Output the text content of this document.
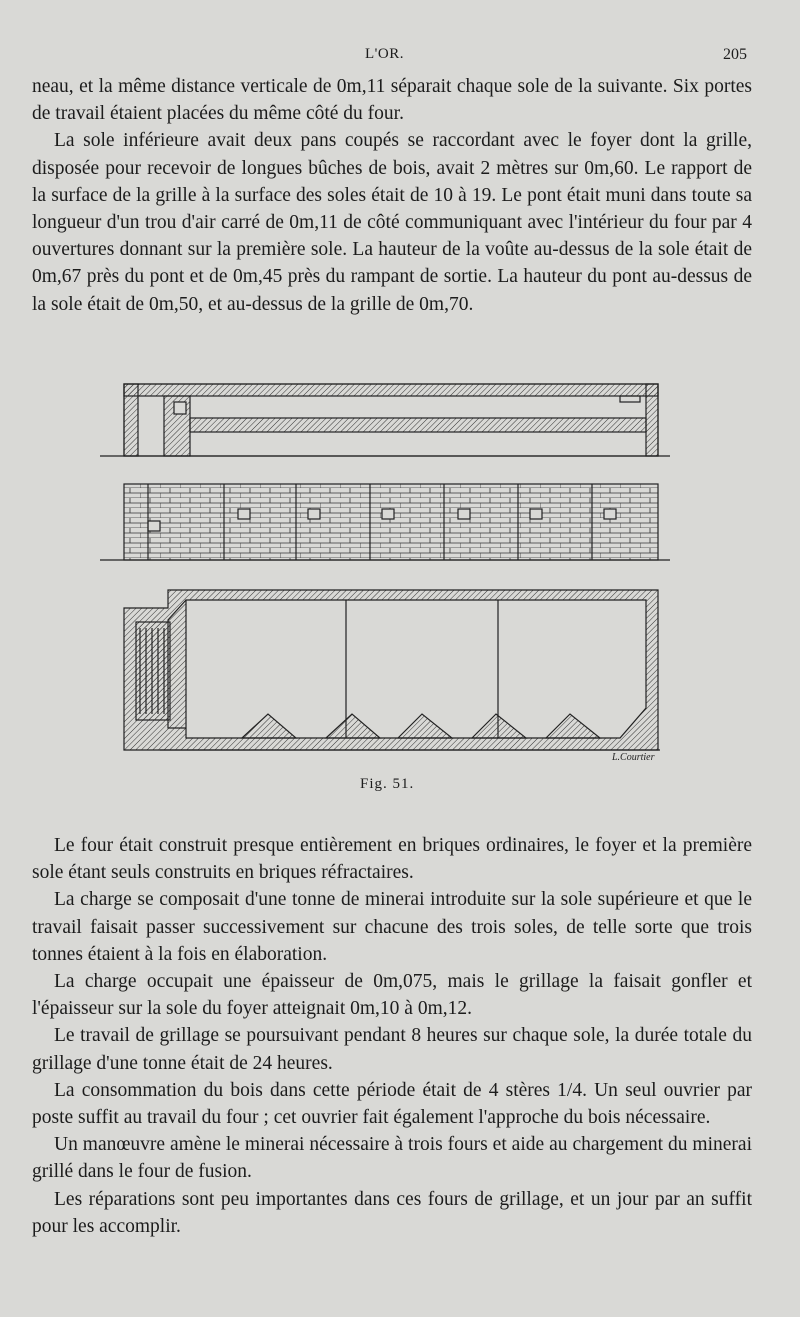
L'OR.	205

neau, et la même distance verticale de 0m,11 séparait chaque sole de la suivante. Six portes de travail étaient placées du même côté du four.

La sole inférieure avait deux pans coupés se raccordant avec le foyer dont la grille, disposée pour recevoir de longues bûches de bois, avait 2 mètres sur 0m,60. Le rapport de la surface de la grille à la surface des soles était de 10 à 19. Le pont était muni dans toute sa longueur d'un trou d'air carré de 0m,11 de côté communiquant avec l'intérieur du four par 4 ouvertures donnant sur la première sole. La hauteur de la voûte au-dessus de la sole était de 0m,67 près du pont et de 0m,45 près du rampant de sortie. La hauteur du pont au-dessus de la sole était de 0m,50, et au-dessus de la grille de 0m,70.

L.Courtier
Fig. 51.

Le four était construit presque entièrement en briques ordinaires, le foyer et la première sole étant seuls construits en briques réfractaires.

La charge se composait d'une tonne de minerai introduite sur la sole supérieure et que le travail faisait passer successivement sur chacune des trois soles, de telle sorte que trois tonnes étaient à la fois en élaboration.

La charge occupait une épaisseur de 0m,075, mais le grillage la faisait gonfler et l'épaisseur sur la sole du foyer atteignait 0m,10 à 0m,12.

Le travail de grillage se poursuivant pendant 8 heures sur chaque sole, la durée totale du grillage d'une tonne était de 24 heures.

La consommation du bois dans cette période était de 4 stères 1/4. Un seul ouvrier par poste suffit au travail du four ; cet ouvrier fait également l'approche du bois nécessaire.

Un manœuvre amène le minerai nécessaire à trois fours et aide au chargement du minerai grillé dans le four de fusion.

Les réparations sont peu importantes dans ces fours de grillage, et un jour par an suffit pour les accomplir.
